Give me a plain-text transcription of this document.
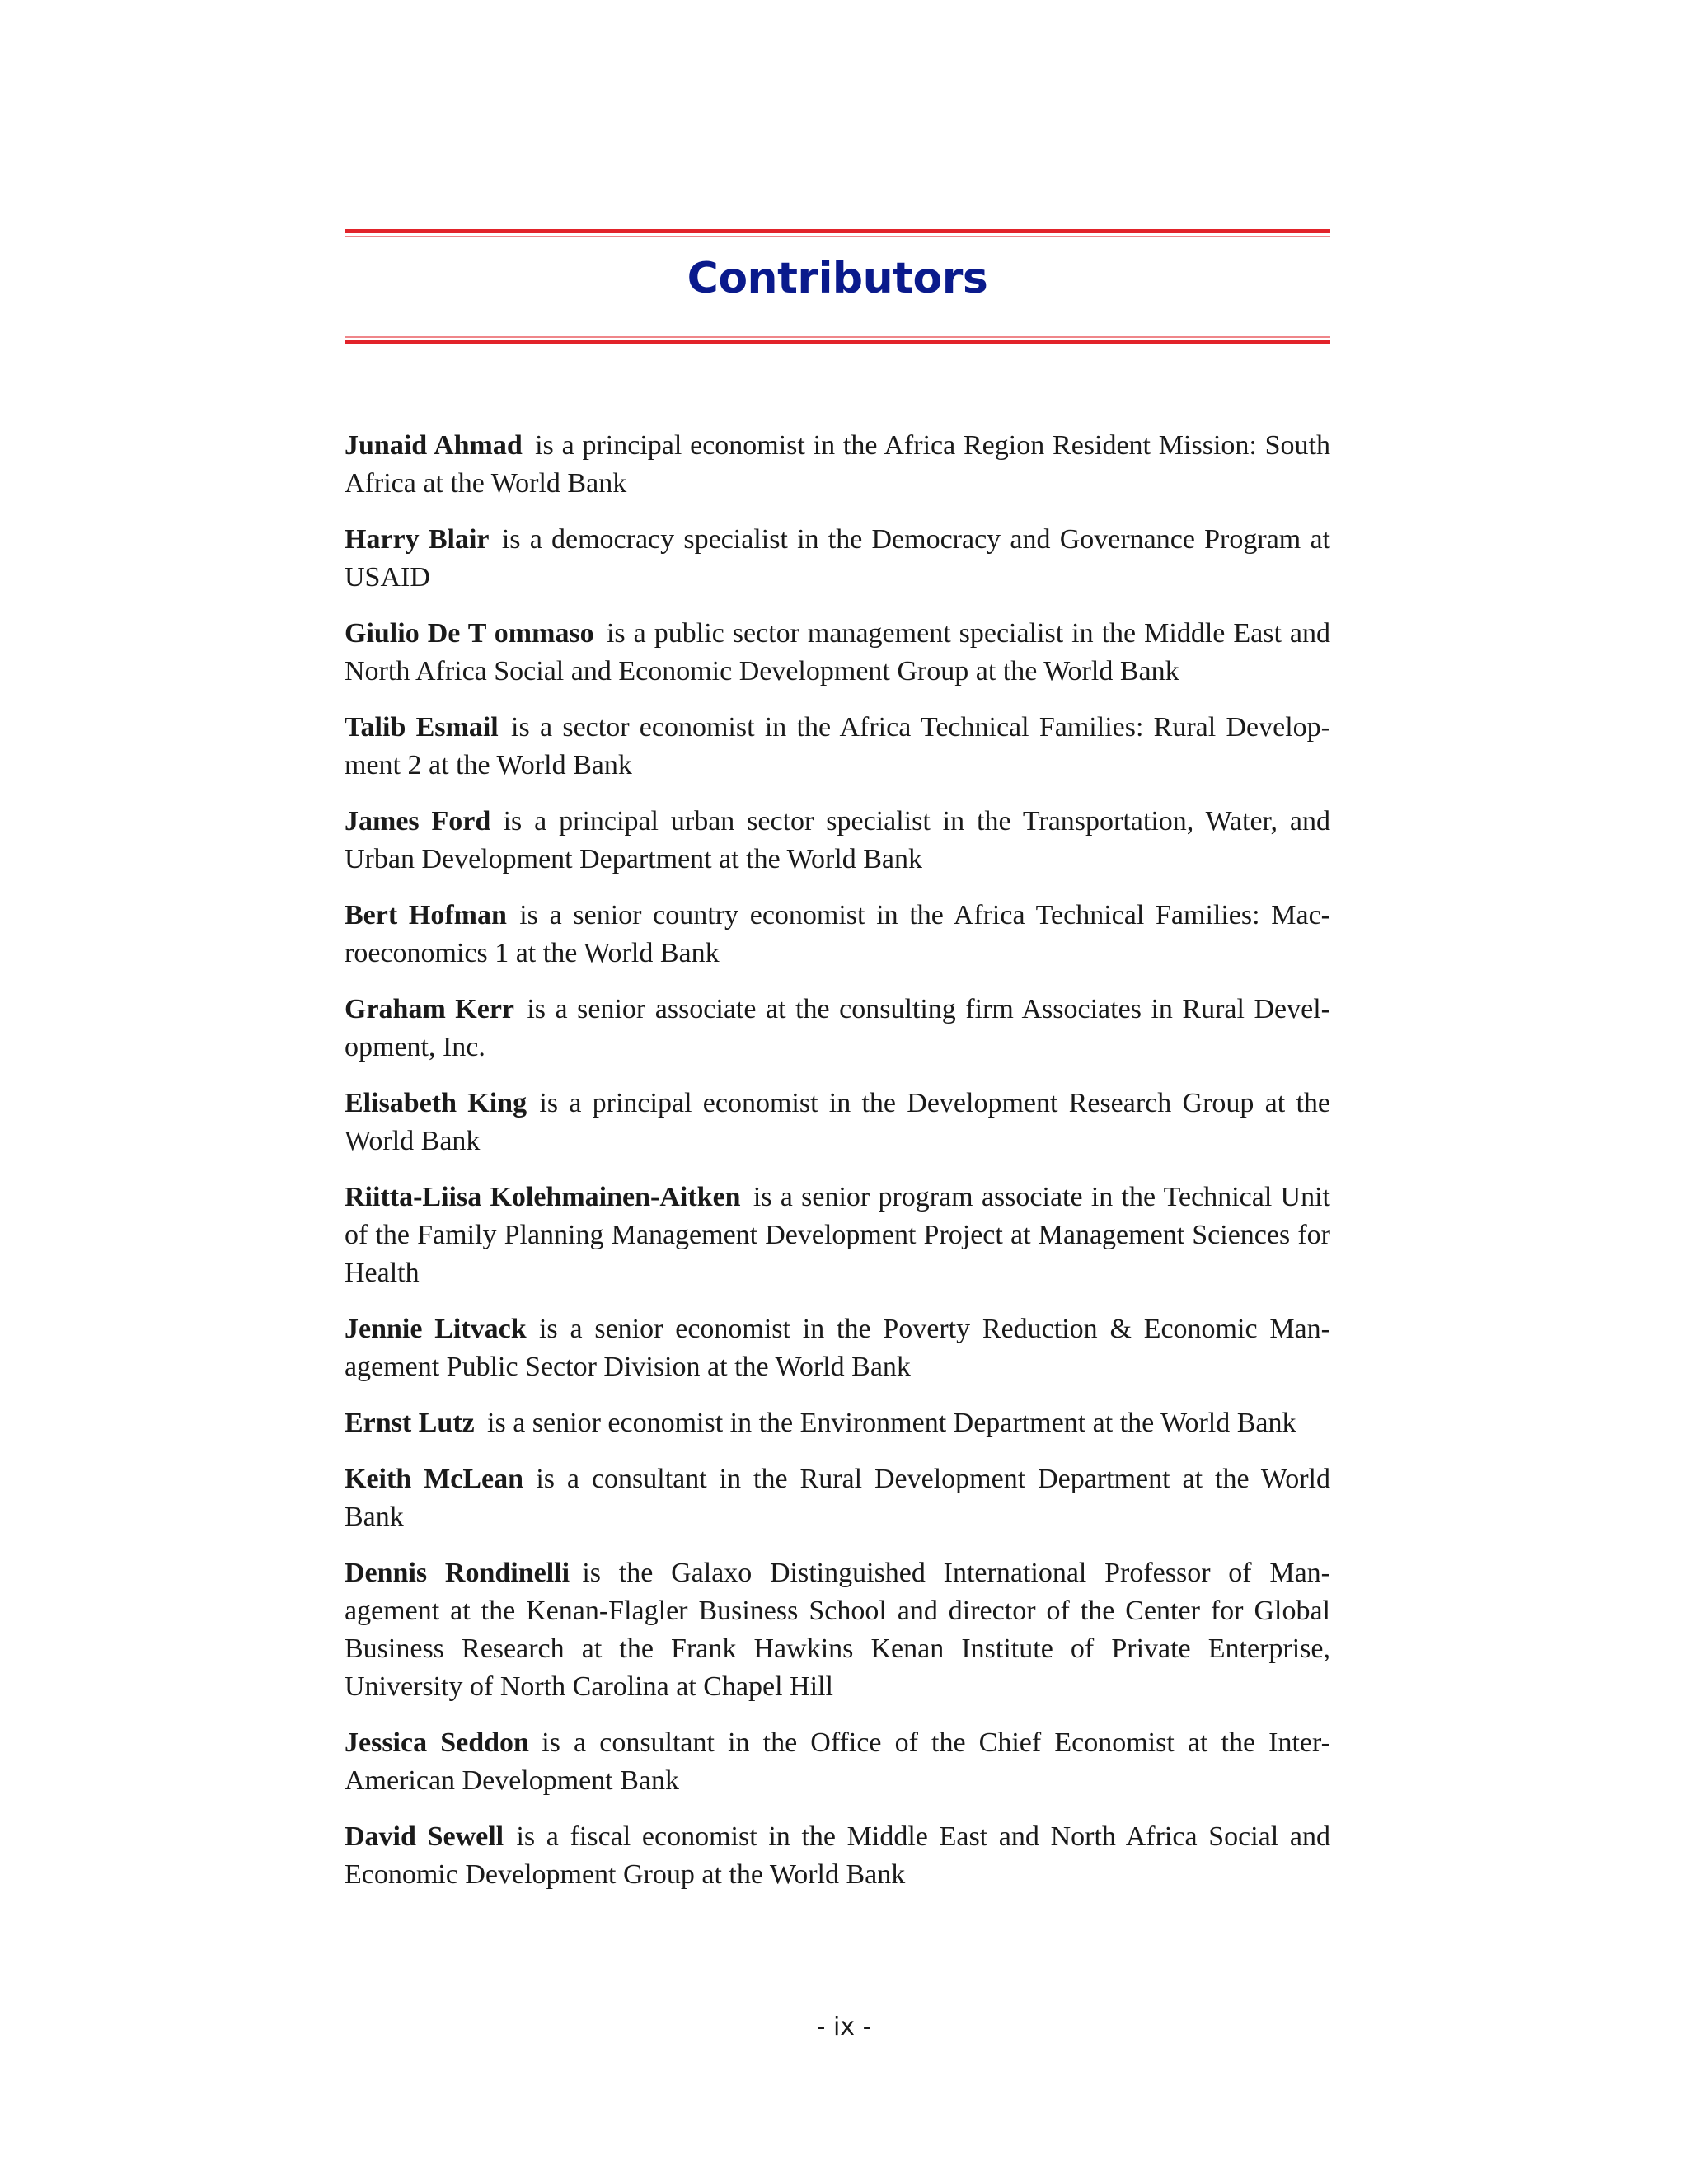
Contributors

Junaid Ahmad is a principal economist in the Africa Region Resident Mission: South Africa at the World Bank

Harry Blair is a democracy specialist in the Democracy and Governance Program at USAID

Giulio De T ommaso is a public sector management specialist in the Middle East and North Africa Social and Economic Development Group at the World Bank

Talib Esmail is a sector economist in the Africa Technical Families: Rural Develop-ment 2 at the World Bank

James Ford is a principal urban sector specialist in the Transportation, Water, and Urban Development Department at the World Bank

Bert Hofman is a senior country economist in the Africa Technical Families: Mac-roeconomics 1 at the World Bank

Graham Kerr is a senior associate at the consulting firm Associates in Rural Devel-opment, Inc.

Elisabeth King is a principal economist in the Development Research Group at the World Bank

Riitta-Liisa Kolehmainen-Aitken is a senior program associate in the Technical Unit of the Family Planning Management Development Project at Management Sciences for Health

Jennie Litvack is a senior economist in the Poverty Reduction & Economic Man-agement Public Sector Division at the World Bank

Ernst Lutz is a senior economist in the Environment Department at the World Bank

Keith McLean is a consultant in the Rural Development Department at the World Bank

Dennis Rondinelli is the Galaxo Distinguished International Professor of Man-agement at the Kenan-Flagler Business School and director of the Center for Global Business Research at the Frank Hawkins Kenan Institute of Private Enterprise, University of North Carolina at Chapel Hill

Jessica Seddon is a consultant in the Office of the Chief Economist at the Inter-American Development Bank

David Sewell is a fiscal economist in the Middle East and North Africa Social and Economic Development Group at the World Bank

- ix -
